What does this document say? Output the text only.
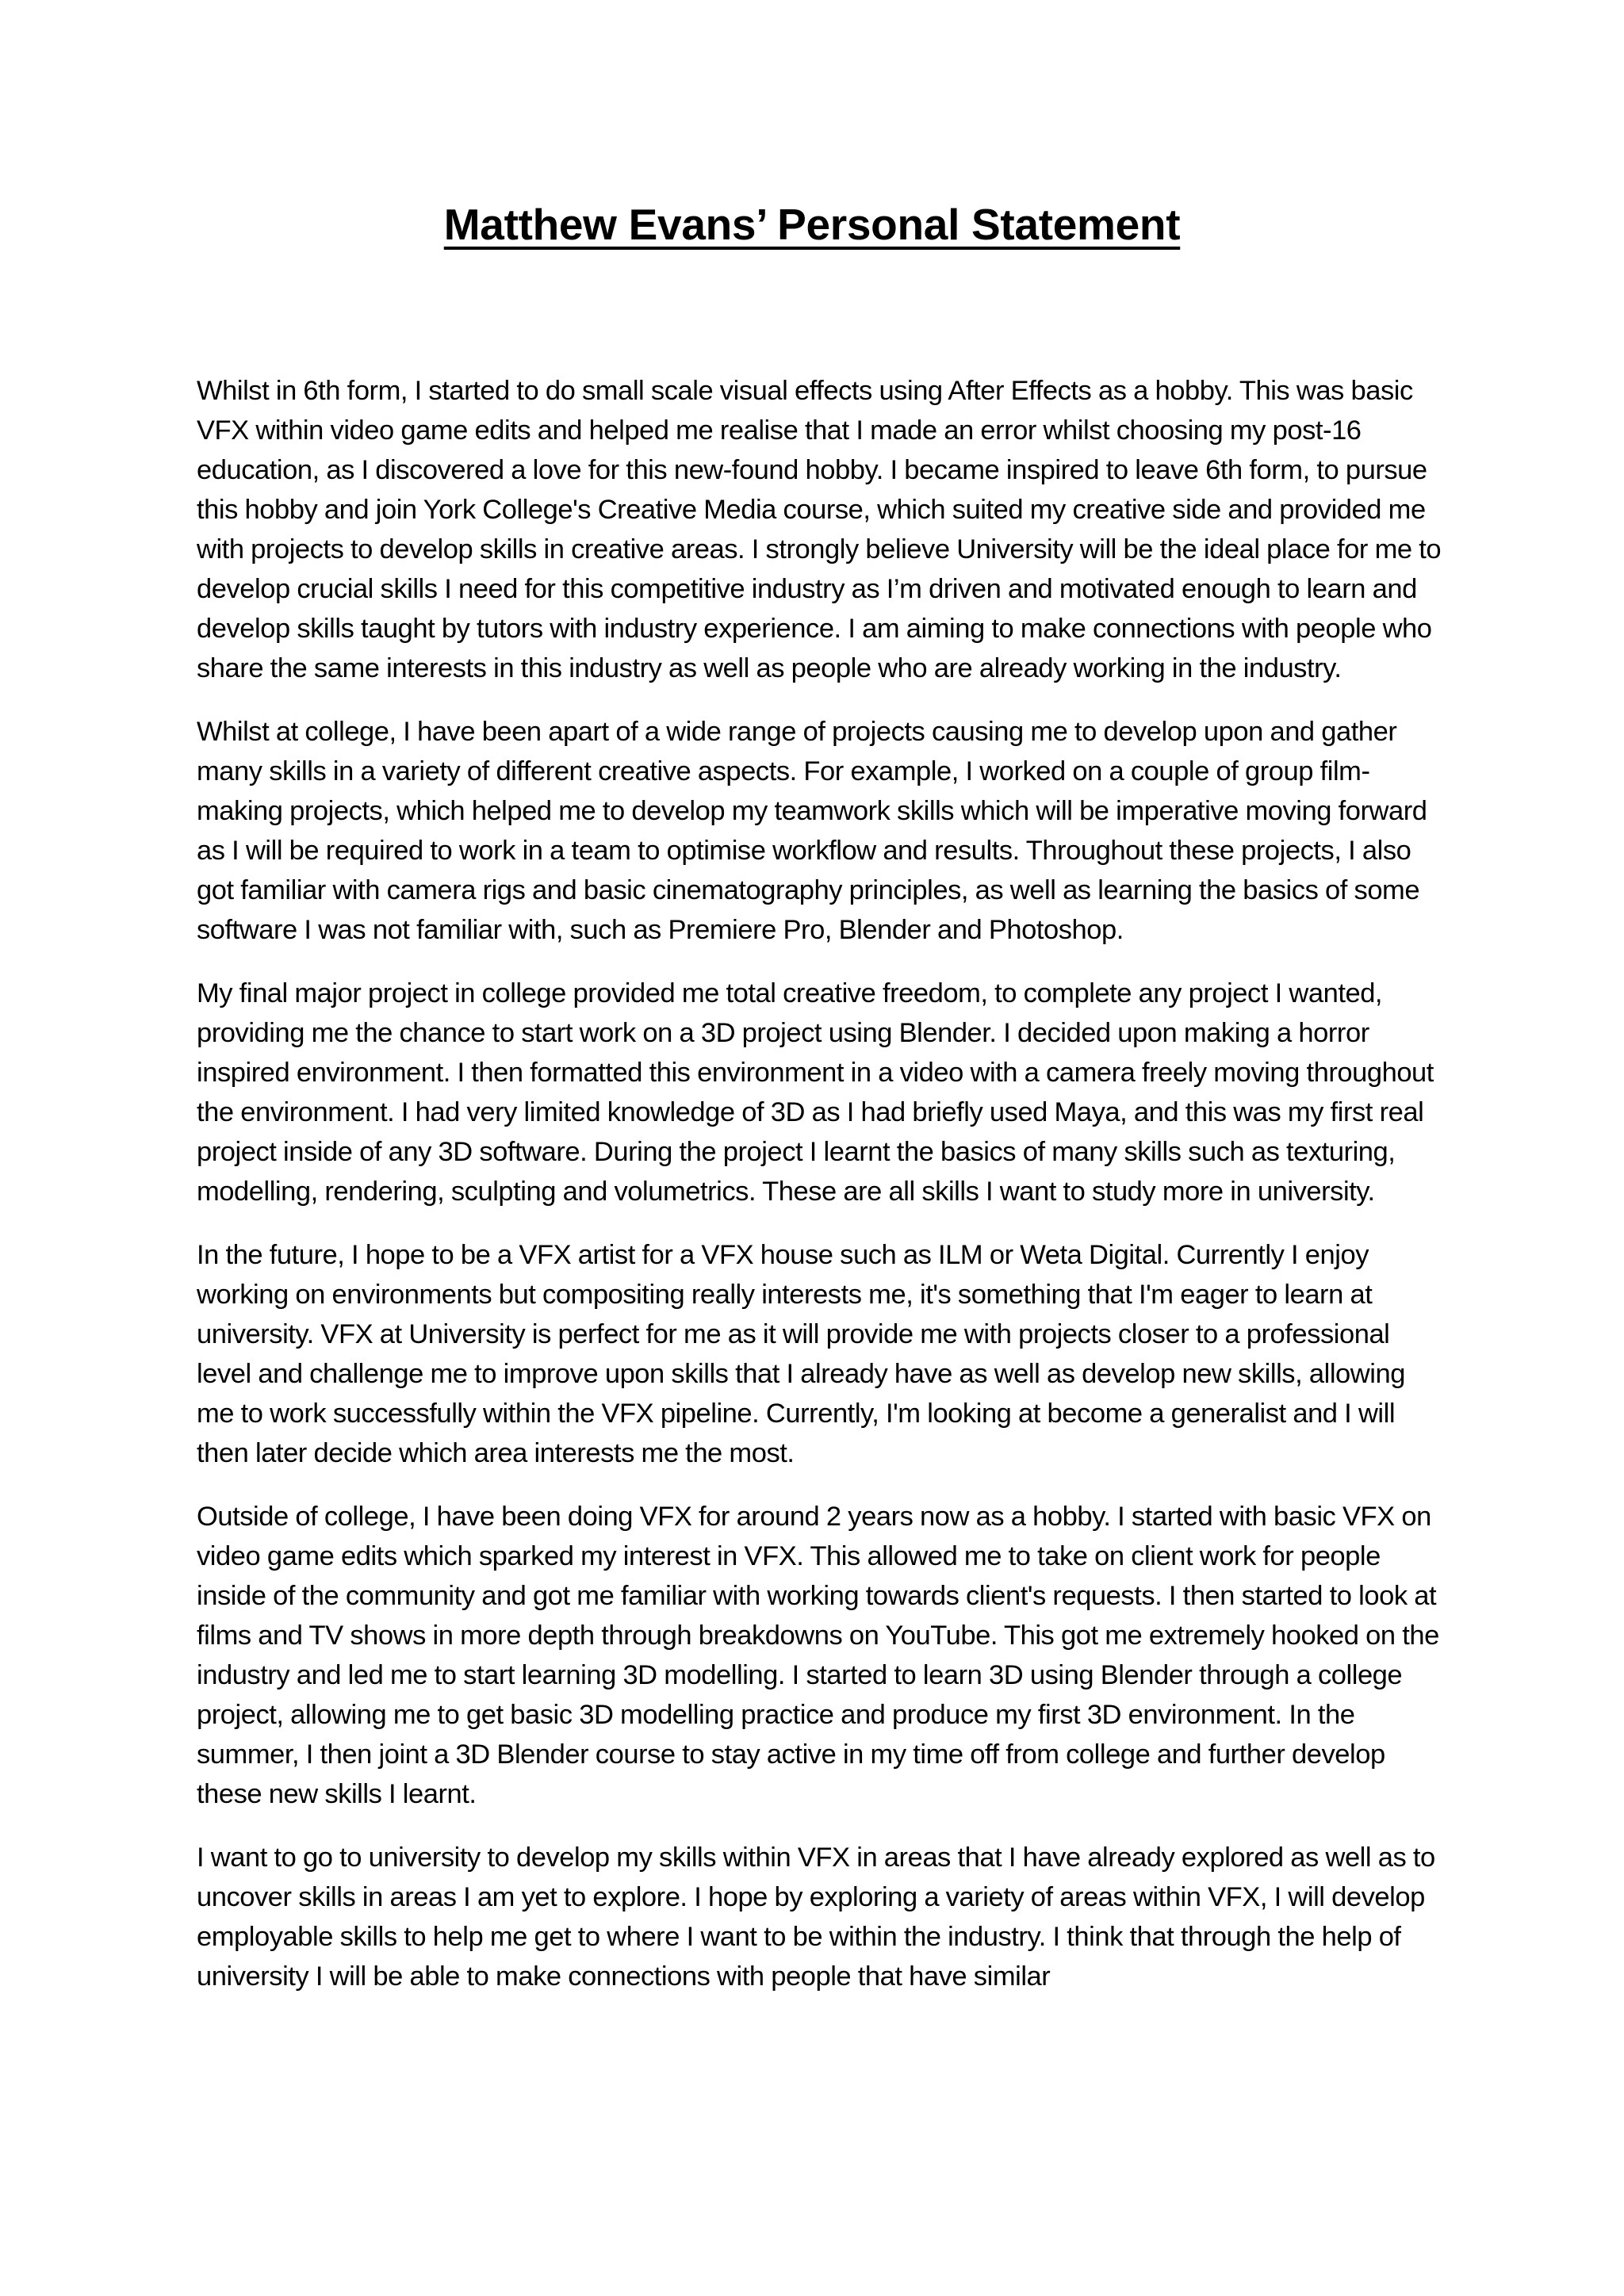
Matthew Evans’ Personal Statement

Whilst in 6th form, I started to do small scale visual effects using After Effects as a hobby. This was basic VFX within video game edits and helped me realise that I made an error whilst choosing my post-16 education, as I discovered a love for this new-found hobby. I became inspired to leave 6th form, to pursue this hobby and join York College's Creative Media course, which suited my creative side and provided me with projects to develop skills in creative areas. I strongly believe University will be the ideal place for me to develop crucial skills I need for this competitive industry as I’m driven and motivated enough to learn and develop skills taught by tutors with industry experience. I am aiming to make connections with people who share the same interests in this industry as well as people who are already working in the industry.

Whilst at college, I have been apart of a wide range of projects causing me to develop upon and gather many skills in a variety of different creative aspects. For example, I worked on a couple of group film-making projects, which helped me to develop my teamwork skills which will be imperative moving forward as I will be required to work in a team to optimise workflow and results. Throughout these projects, I also got familiar with camera rigs and basic cinematography principles, as well as learning the basics of some software I was not familiar with, such as Premiere Pro, Blender and Photoshop.

My final major project in college provided me total creative freedom, to complete any project I wanted, providing me the chance to start work on a 3D project using Blender. I decided upon making a horror inspired environment. I then formatted this environment in a video with a camera freely moving throughout the environment. I had very limited knowledge of 3D as I had briefly used Maya, and this was my first real project inside of any 3D software. During the project I learnt the basics of many skills such as texturing, modelling, rendering, sculpting and volumetrics. These are all skills I want to study more in university.

In the future, I hope to be a VFX artist for a VFX house such as ILM or Weta Digital. Currently I enjoy working on environments but compositing really interests me, it's something that I'm eager to learn at university. VFX at University is perfect for me as it will provide me with projects closer to a professional level and challenge me to improve upon skills that I already have as well as develop new skills, allowing me to work successfully within the VFX pipeline. Currently, I'm looking at become a generalist and I will then later decide which area interests me the most.

Outside of college, I have been doing VFX for around 2 years now as a hobby. I started with basic VFX on video game edits which sparked my interest in VFX. This allowed me to take on client work for people inside of the community and got me familiar with working towards client's requests. I then started to look at films and TV shows in more depth through breakdowns on YouTube. This got me extremely hooked on the industry and led me to start learning 3D modelling. I started to learn 3D using Blender through a college project, allowing me to get basic 3D modelling practice and produce my first 3D environment. In the summer, I then joint a 3D Blender course to stay active in my time off from college and further develop these new skills I learnt.

I want to go to university to develop my skills within VFX in areas that I have already explored as well as to uncover skills in areas I am yet to explore. I hope by exploring a variety of areas within VFX, I will develop employable skills to help me get to where I want to be within the industry. I think that through the help of university I will be able to make connections with people that have similar
